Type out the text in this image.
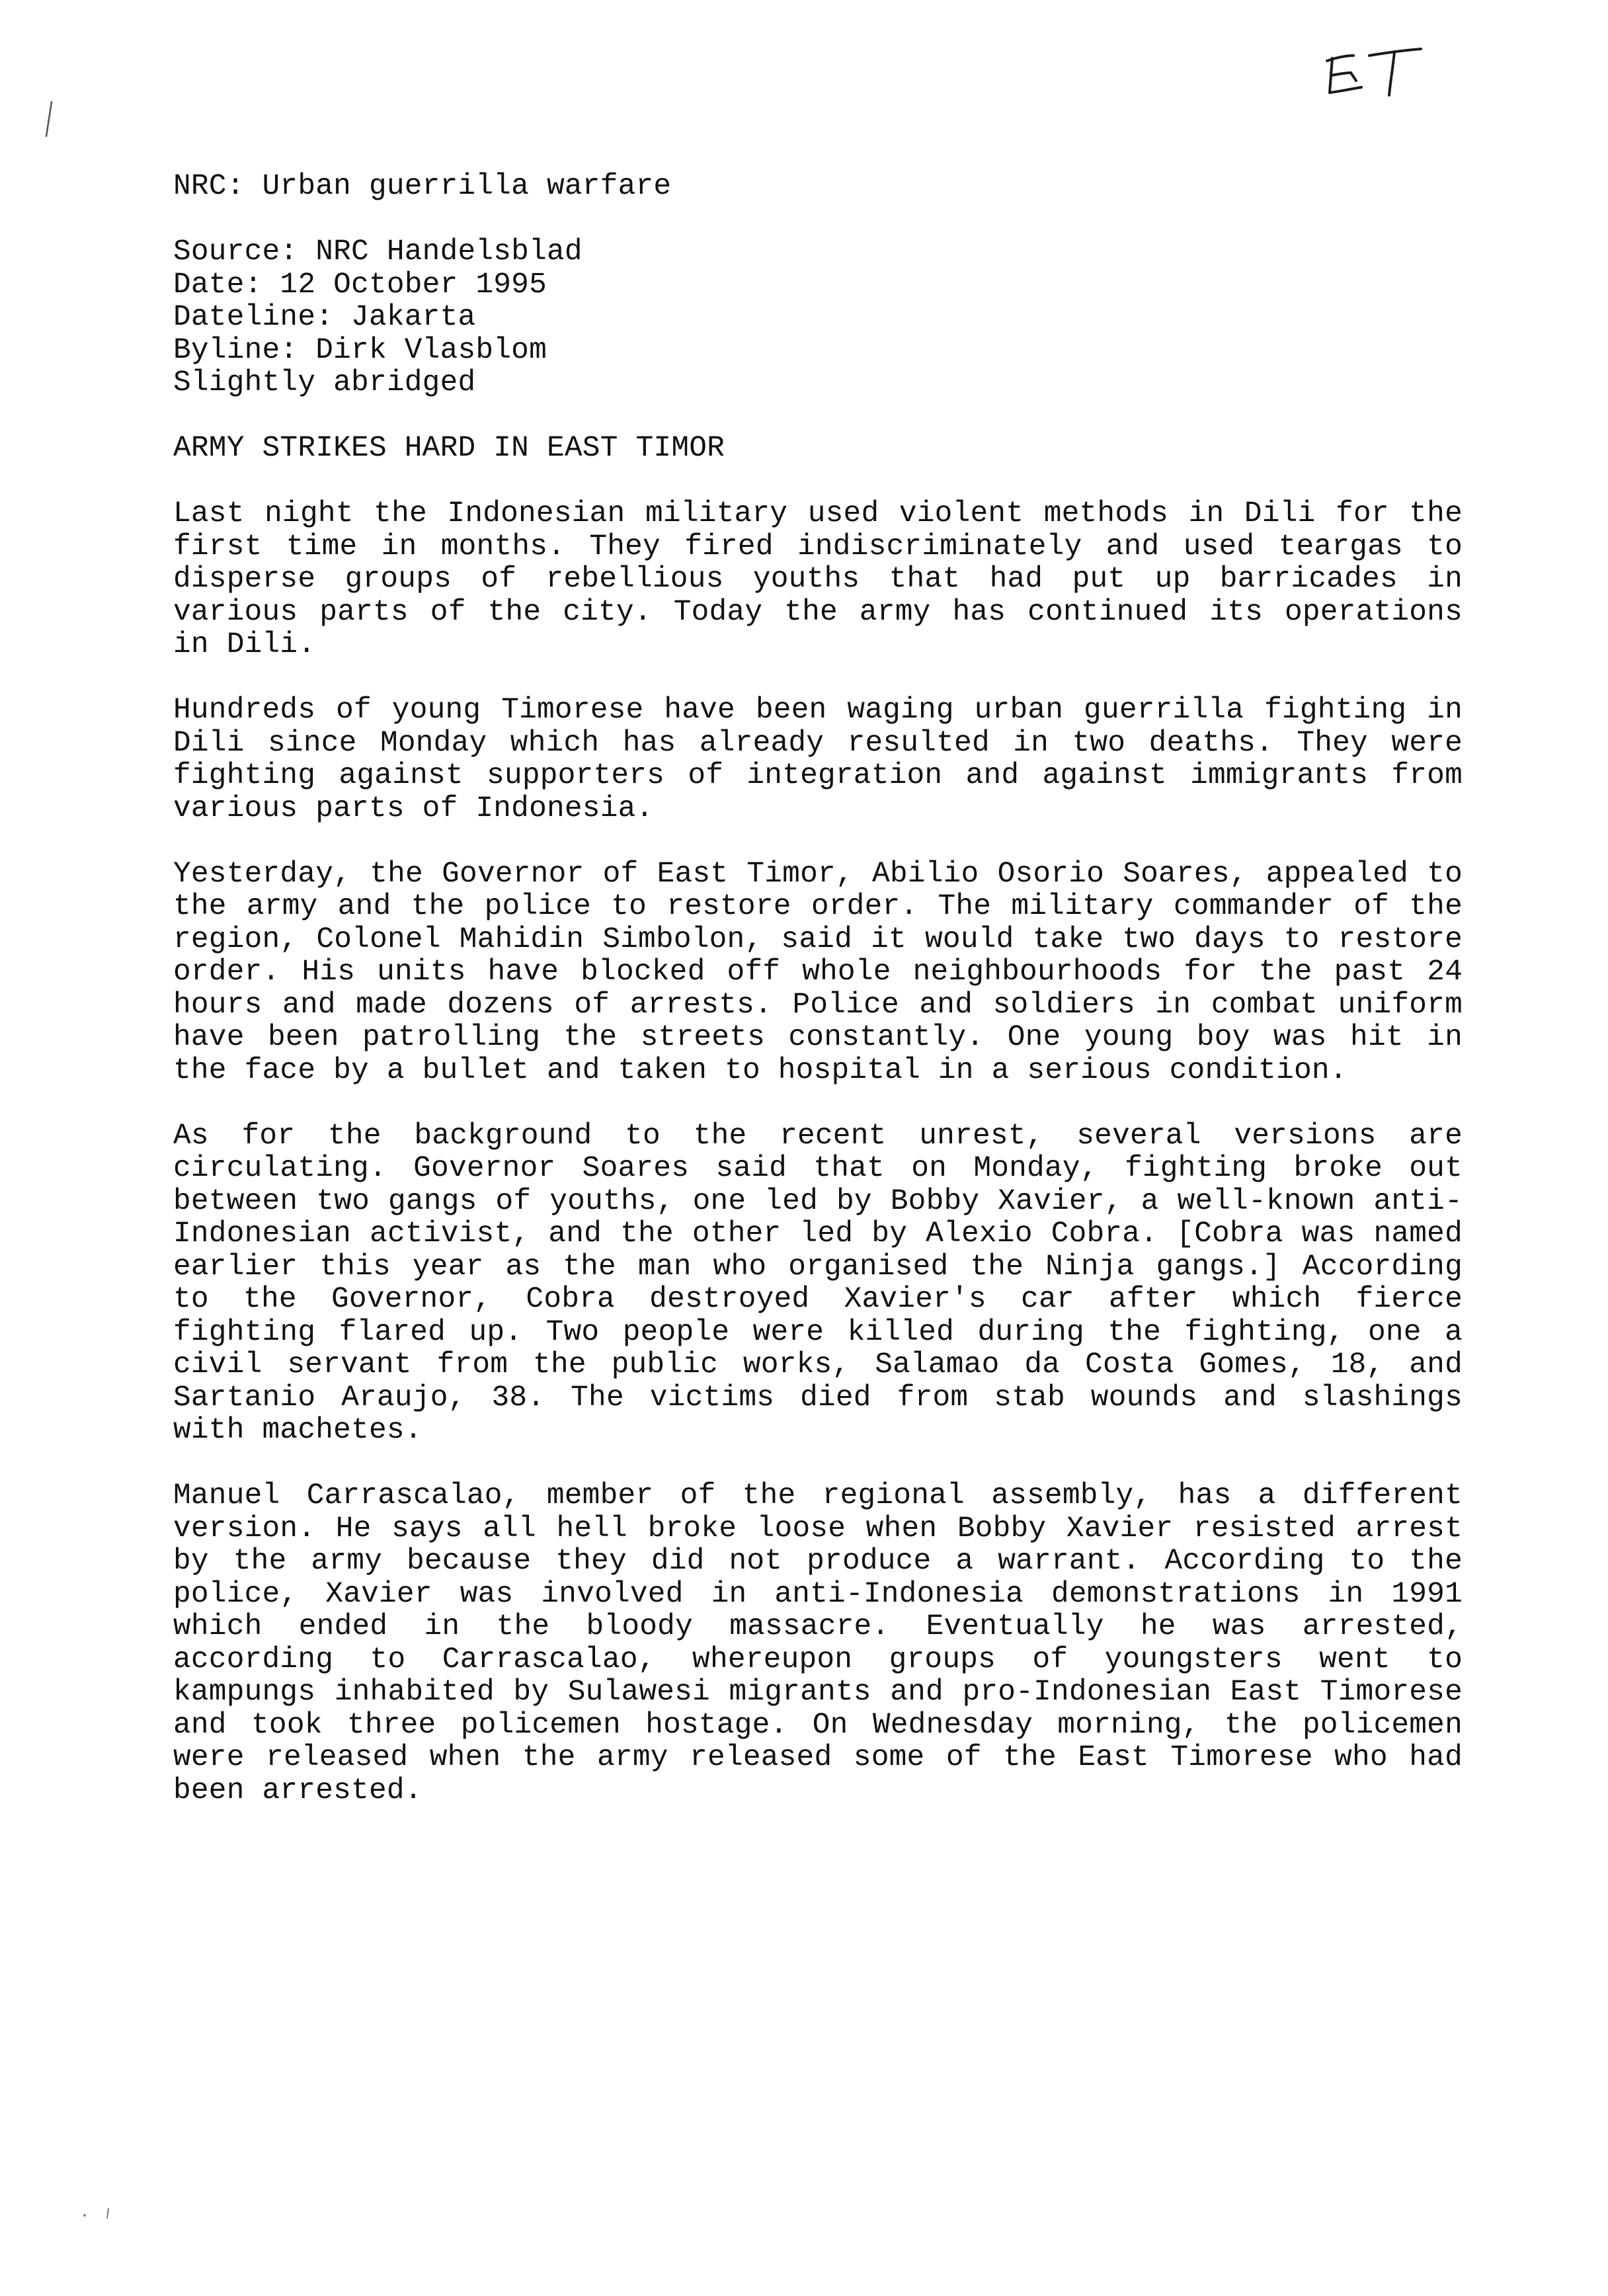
NRC: Urban guerrilla warfare

Source: NRC Handelsblad

Date: 12 October 1995

Dateline: Jakarta

Byline: Dirk Vlasblom

Slightly abridged

ARMY STRIKES HARD IN EAST TIMOR

Last night the Indonesian military used violent methods in Dili for the first time in months. They fired indiscriminately and used teargas to disperse groups of rebellious youths that had put up barricades in various parts of the city. Today the army has continued its operations in Dili.

Hundreds of young Timorese have been waging urban guerrilla fighting in Dili since Monday which has already resulted in two deaths. They were fighting against supporters of integration and against immigrants from various parts of Indonesia.

Yesterday, the Governor of East Timor, Abilio Osorio Soares, appealed to the army and the police to restore order. The military commander of the region, Colonel Mahidin Simbolon, said it would take two days to restore order. His units have blocked off whole neighbourhoods for the past 24 hours and made dozens of arrests. Police and soldiers in combat uniform have been patrolling the streets constantly. One young boy was hit in the face by a bullet and taken to hospital in a serious condition.

As for the background to the recent unrest, several versions are circulating. Governor Soares said that on Monday, fighting broke out between two gangs of youths, one led by Bobby Xavier, a well-known anti-Indonesian activist, and the other led by Alexio Cobra. [Cobra was named earlier this year as the man who organised the Ninja gangs.] According to the Governor, Cobra destroyed Xavier's car after which fierce fighting flared up. Two people were killed during the fighting, one a civil servant from the public works, Salamao da Costa Gomes, 18, and Sartanio Araujo, 38. The victims died from stab wounds and slashings with machetes.

Manuel Carrascalao, member of the regional assembly, has a different version. He says all hell broke loose when Bobby Xavier resisted arrest by the army because they did not produce a warrant. According to the police, Xavier was involved in anti-Indonesia demonstrations in 1991 which ended in the bloody massacre. Eventually he was arrested, according to Carrascalao, whereupon groups of youngsters went to kampungs inhabited by Sulawesi migrants and pro-Indonesian East Timorese and took three policemen hostage. On Wednesday morning, the policemen were released when the army released some of the East Timorese who had been arrested.
